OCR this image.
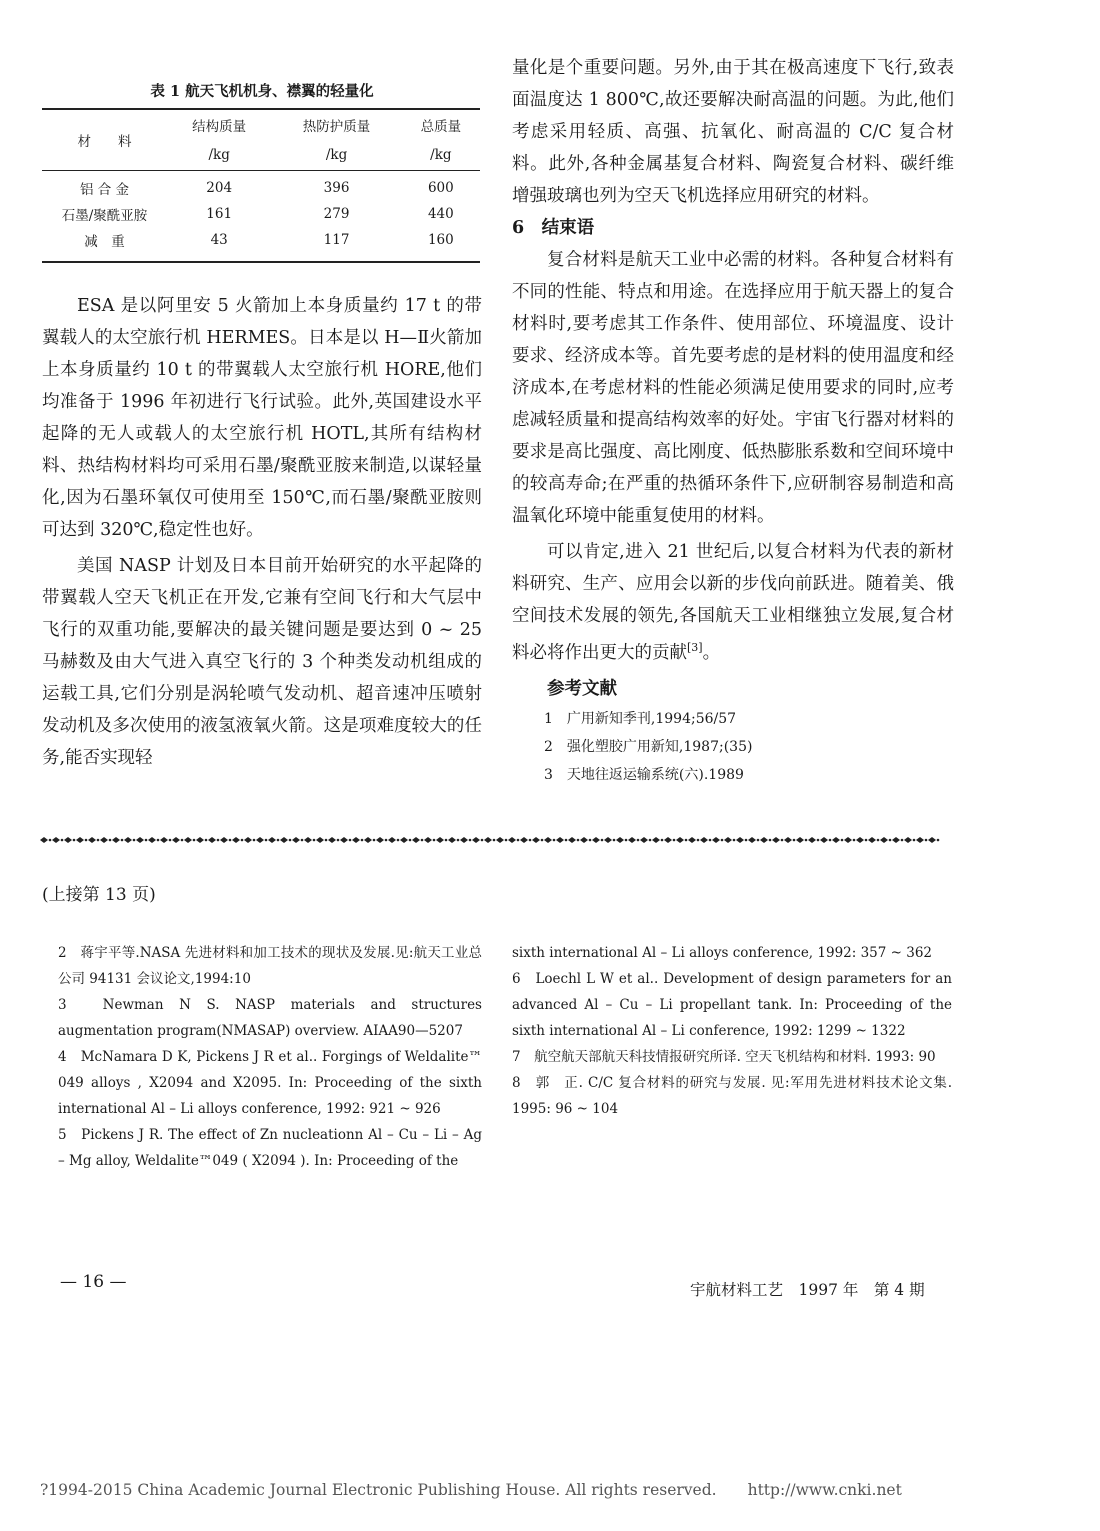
表 1 航天飞机机身、襟翼的轻量化
材　　料	结构质量	热防护质量	总质量
	/kg	/kg	/kg

铝 合 金	204	396	600
石墨/聚酰亚胺	161	279	440
减　重	43	117	160

ESA 是以阿里安 5 火箭加上本身质量约 17 t 的带翼载人的太空旅行机 HERMES。日本是以 H—Ⅱ火箭加上本身质量约 10 t 的带翼载人太空旅行机 HORE,他们均准备于 1996 年初进行飞行试验。此外,英国建设水平起降的无人或载人的太空旅行机 HOTL,其所有结构材料、热结构材料均可采用石墨/聚酰亚胺来制造,以谋轻量化,因为石墨环氧仅可使用至 150℃,而石墨/聚酰亚胺则可达到 320℃,稳定性也好。

美国 NASP 计划及日本目前开始研究的水平起降的带翼载人空天飞机正在开发,它兼有空间飞行和大气层中飞行的双重功能,要解决的最关键问题是要达到 0 ~ 25 马赫数及由大气进入真空飞行的 3 个种类发动机组成的运载工具,它们分别是涡轮喷气发动机、超音速冲压喷射发动机及多次使用的液氢液氧火箭。这是项难度较大的任务,能否实现轻

量化是个重要问题。另外,由于其在极高速度下飞行,致表面温度达 1 800℃,故还要解决耐高温的问题。为此,他们考虑采用轻质、高强、抗氧化、耐高温的 C/C 复合材料。此外,各种金属基复合材料、陶瓷复合材料、碳纤维增强玻璃也列为空天飞机选择应用研究的材料。

6　结束语

复合材料是航天工业中必需的材料。各种复合材料有不同的性能、特点和用途。在选择应用于航天器上的复合材料时,要考虑其工作条件、使用部位、环境温度、设计要求、经济成本等。首先要考虑的是材料的使用温度和经济成本,在考虑材料的性能必须满足使用要求的同时,应考虑减轻质量和提高结构效率的好处。宇宙飞行器对材料的要求是高比强度、高比刚度、低热膨胀系数和空间环境中的较高寿命;在严重的热循环条件下,应研制容易制造和高温氧化环境中能重复使用的材料。

可以肯定,进入 21 世纪后,以复合材料为代表的新材料研究、生产、应用会以新的步伐向前跃进。随着美、俄空间技术发展的领先,各国航天工业相继独立发展,复合材料必将作出更大的贡献[3]。

参考文献

1　广用新知季刊,1994;56/57

2　强化塑胶广用新知,1987;(35)

3　天地往返运输系统(六).1989

(上接第 13 页)

2　蒋宇平等.NASA 先进材料和加工技术的现状及发展.见:航天工业总公司 94131 会议论文,1994:10

3　Newman N S. NASP materials and structures augmentation program(NMASAP) overview. AIAA90—5207

4　McNamara D K, Pickens J R et al.. Forgings of Weldalite™ 049 alloys , X2094 and X2095. In: Proceeding of the sixth international Al – Li alloys conference, 1992: 921 ~ 926

5　Pickens J R. The effect of Zn nucleationn Al – Cu – Li – Ag – Mg alloy, Weldalite™049 ( X2094 ). In: Proceeding of the

sixth international Al – Li alloys conference, 1992: 357 ~ 362

6　Loechl L W et al.. Development of design parameters for an advanced Al – Cu – Li propellant tank. In: Proceeding of the sixth international Al – Li conference, 1992: 1299 ~ 1322

7　航空航天部航天科技情报研究所译. 空天飞机结构和材料. 1993: 90

8　郭　正. C/C 复合材料的研究与发展. 见:军用先进材料技术论文集. 1995: 96 ~ 104

— 16 —	宇航材料工艺　1997 年　第 4 期
?1994-2015 China Academic Journal Electronic Publishing House. All rights reserved.　　http://www.cnki.net
